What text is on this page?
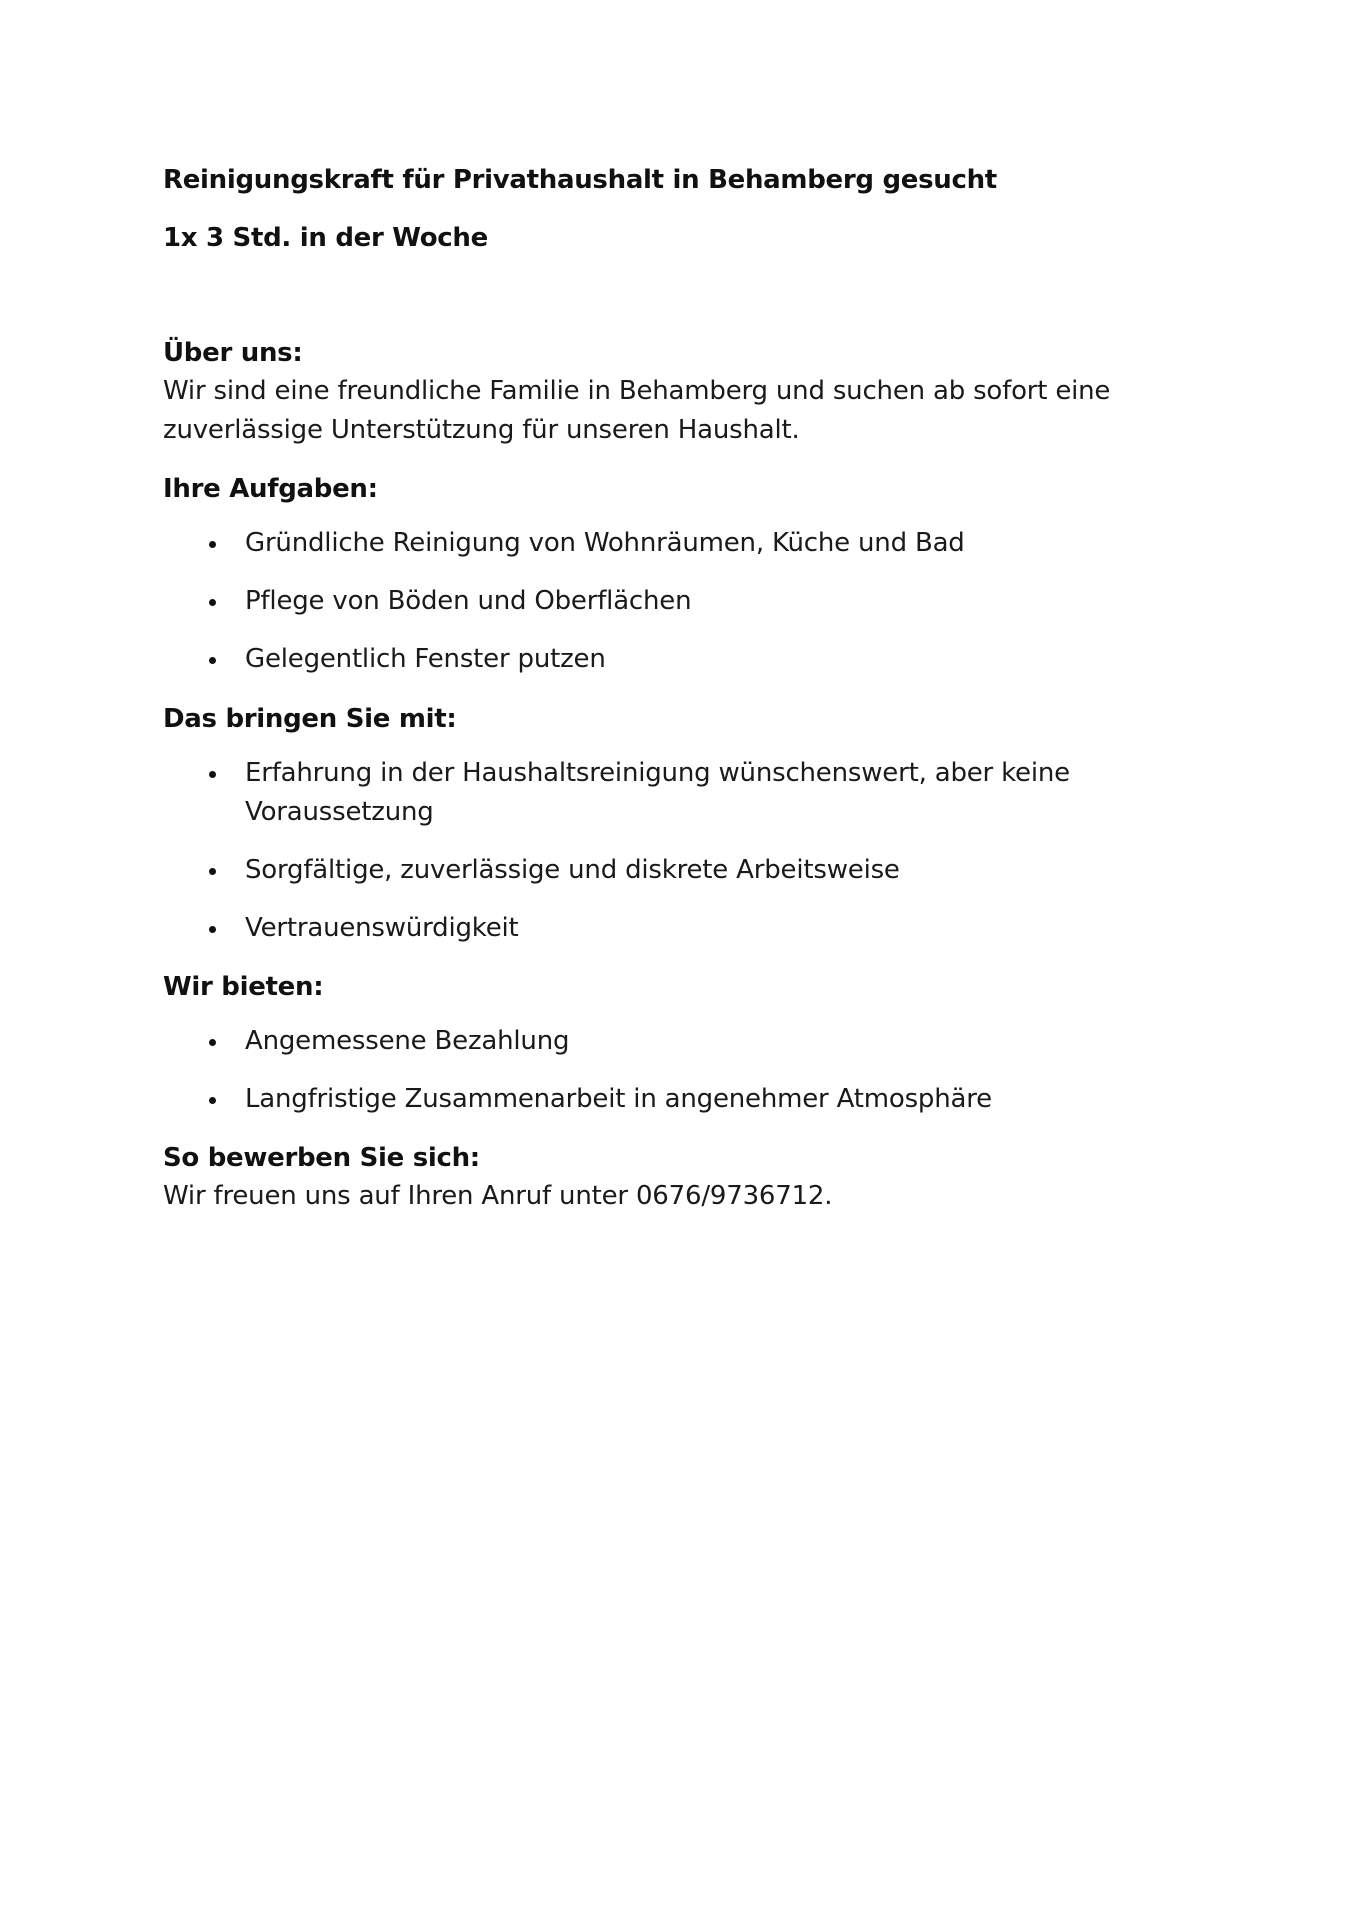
Reinigungskraft für Privathaushalt in Behamberg gesucht
1x 3 Std. in der Woche
Über uns:
Wir sind eine freundliche Familie in Behamberg und suchen ab sofort eine
zuverlässige Unterstützung für unseren Haushalt.
Ihre Aufgaben:
Gründliche Reinigung von Wohnräumen, Küche und Bad
Pflege von Böden und Oberflächen
Gelegentlich Fenster putzen
Das bringen Sie mit:
Erfahrung in der Haushaltsreinigung wünschenswert, aber keine
Voraussetzung
Sorgfältige, zuverlässige und diskrete Arbeitsweise
Vertrauenswürdigkeit
Wir bieten:
Angemessene Bezahlung
Langfristige Zusammenarbeit in angenehmer Atmosphäre
So bewerben Sie sich:
Wir freuen uns auf Ihren Anruf unter 0676/9736712.
